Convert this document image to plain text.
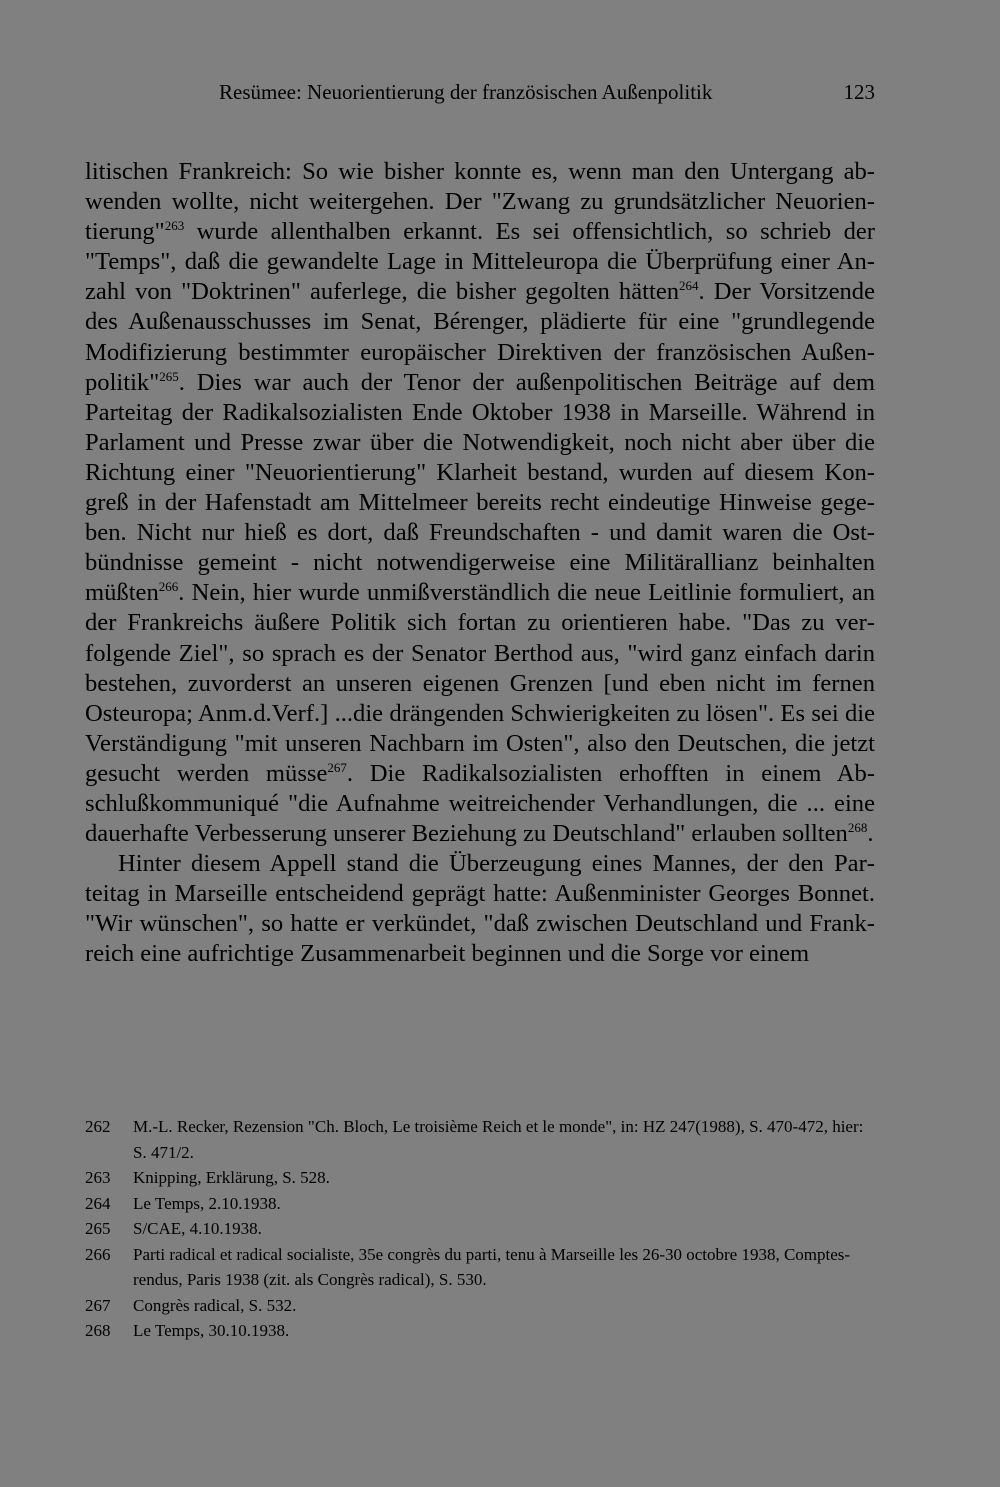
Resümee: Neuorientierung der französischen Außenpolitik	123

litischen Frankreich: So wie bisher konnte es, wenn man den Untergang abwenden wollte, nicht weitergehen. Der "Zwang zu grundsätzlicher Neuorientierung"$^{263}$ wurde allenthalben erkannt. Es sei offensichtlich, so schrieb der "Temps", daß die gewandelte Lage in Mitteleuropa die Überprüfung einer Anzahl von "Doktrinen" auferlege, die bisher gegolten hätten$^{264}$. Der Vorsitzende des Außenausschusses im Senat, Bérenger, plädierte für eine "grundlegende Modifizierung bestimmter europäischer Direktiven der französischen Außenpolitik"$^{265}$. Dies war auch der Tenor der außenpolitischen Beiträge auf dem Parteitag der Radikalsozialisten Ende Oktober 1938 in Marseille. Während in Parlament und Presse zwar über die Notwendigkeit, noch nicht aber über die Richtung einer "Neuorientierung" Klarheit bestand, wurden auf diesem Kongreß in der Hafenstadt am Mittelmeer bereits recht eindeutige Hinweise gegeben. Nicht nur hieß es dort, daß Freundschaften - und damit waren die Ostbündnisse gemeint - nicht notwendigerweise eine Militärallianz beinhalten müßten$^{266}$. Nein, hier wurde unmißverständlich die neue Leitlinie formuliert, an der Frankreichs äußere Politik sich fortan zu orientieren habe. "Das zu verfolgende Ziel", so sprach es der Senator Berthod aus, "wird ganz einfach darin bestehen, zuvorderst an unseren eigenen Grenzen [und eben nicht im fernen Osteuropa; Anm.d.Verf.] ...die drängenden Schwierigkeiten zu lösen". Es sei die Verständigung "mit unseren Nachbarn im Osten", also den Deutschen, die jetzt gesucht werden müsse$^{267}$. Die Radikalsozialisten erhofften in einem Abschlußkommuniqué "die Aufnahme weitreichender Verhandlungen, die ... eine dauerhafte Verbesserung unserer Beziehung zu Deutschland" erlauben sollten$^{268}$.

Hinter diesem Appell stand die Überzeugung eines Mannes, der den Parteitag in Marseille entscheidend geprägt hatte: Außenminister Georges Bonnet. "Wir wünschen", so hatte er verkündet, "daß zwischen Deutschland und Frankreich eine aufrichtige Zusammenarbeit beginnen und die Sorge vor einem

262 M.-L. Recker, Rezension "Ch. Bloch, Le troisième Reich et le monde", in: HZ 247(1988), S. 470-472, hier: S. 471/2.
263 Knipping, Erklärung, S. 528.
264 Le Temps, 2.10.1938.
265 S/CAE, 4.10.1938.
266 Parti radical et radical socialiste, 35e congrès du parti, tenu à Marseille les 26-30 octobre 1938, Comptes-rendus, Paris 1938 (zit. als Congrès radical), S. 530.
267 Congrès radical, S. 532.
268 Le Temps, 30.10.1938.
